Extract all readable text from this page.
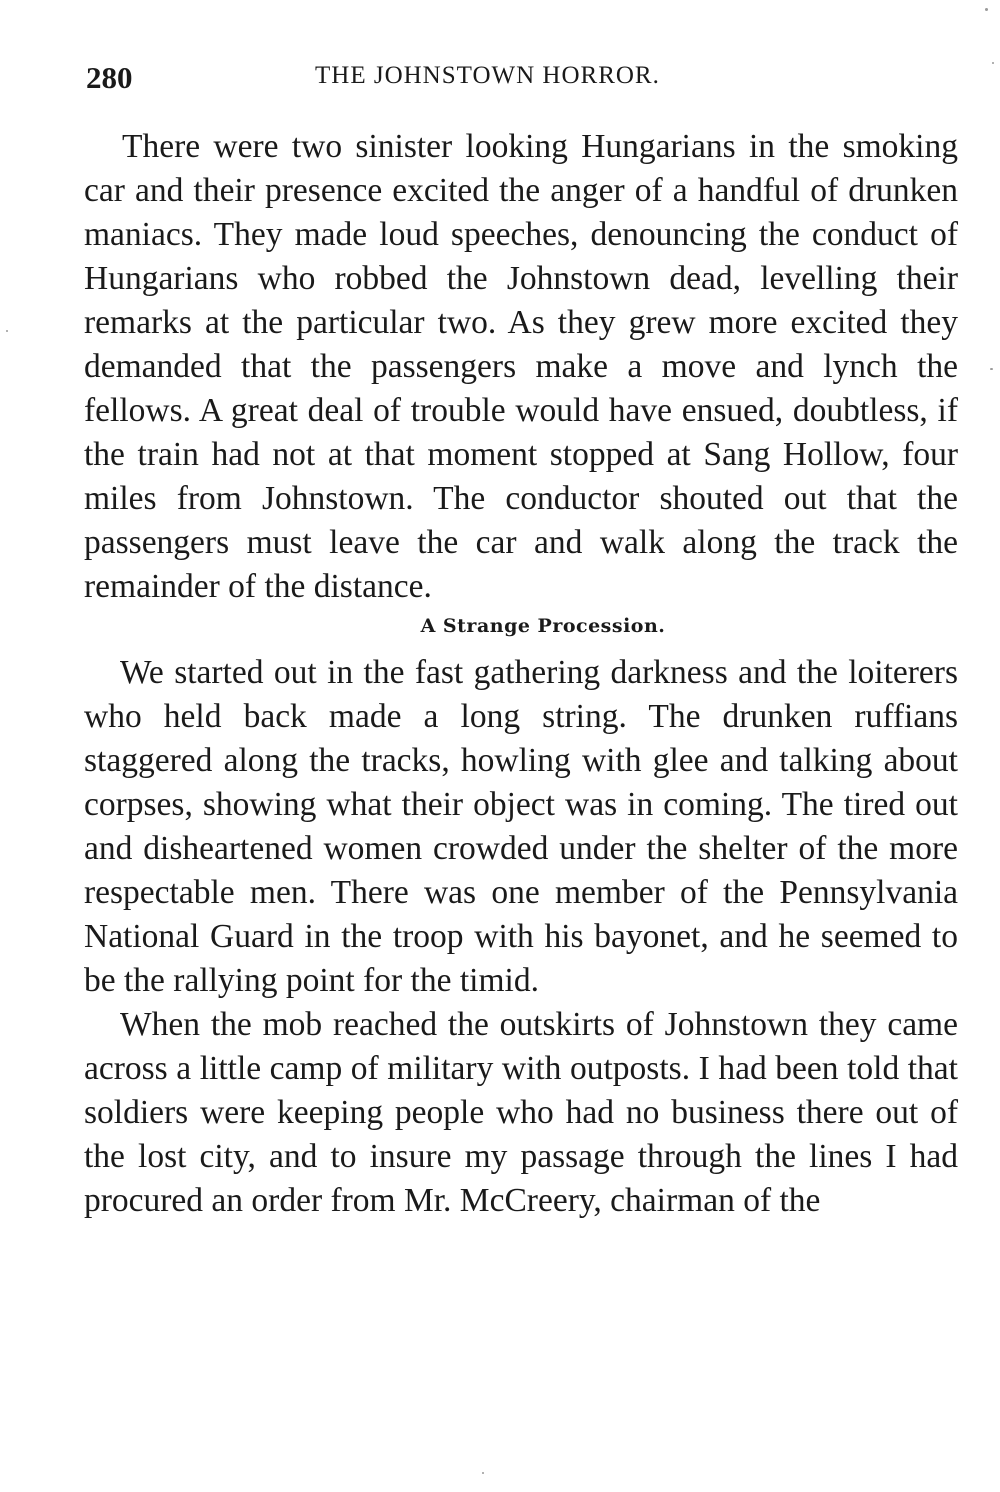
280	THE JOHNSTOWN HORROR.

There were two sinister looking Hungarians in the smoking car and their presence excited the anger of a handful of drunken maniacs. They made loud speeches, denouncing the conduct of Hungarians who robbed the Johnstown dead, levelling their remarks at the particular two. As they grew more excited they demanded that the passengers make a move and lynch the fellows. A great deal of trouble would have ensued, doubtless, if the train had not at that moment stopped at Sang Hollow, four miles from Johnstown. The conductor shouted out that the passengers must leave the car and walk along the track the remainder of the distance.

A Strange Procession.

We started out in the fast gathering darkness and the loiterers who held back made a long string. The drunken ruffians staggered along the tracks, howling with glee and talking about corpses, showing what their object was in coming. The tired out and disheartened women crowded under the shelter of the more respectable men. There was one member of the Pennsylvania National Guard in the troop with his bayonet, and he seemed to be the rallying point for the timid.

When the mob reached the outskirts of Johnstown they came across a little camp of military with outposts. I had been told that soldiers were keeping people who had no business there out of the lost city, and to insure my passage through the lines I had procured an order from Mr. McCreery, chairman of the
